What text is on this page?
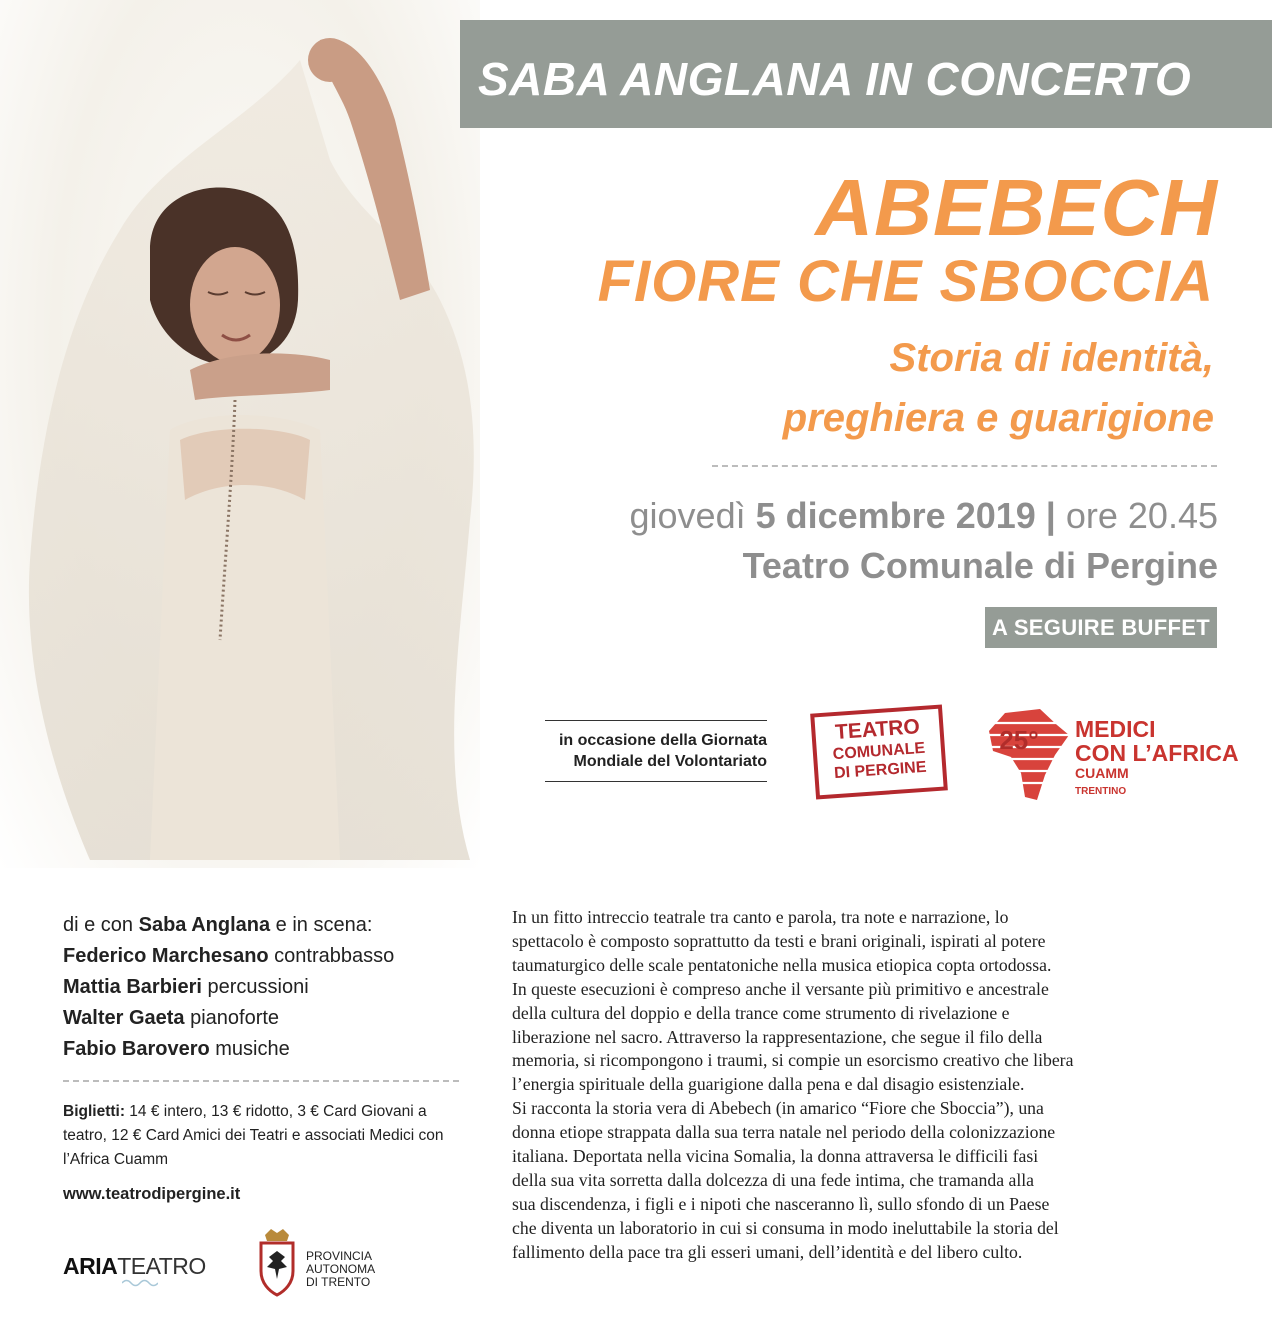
SABA ANGLANA IN CONCERTO
ABEBECH
FIORE CHE SBOCCIA
Storia di identità,
preghiera e guarigione
giovedì 5 dicembre 2019 | ore 20.45
Teatro Comunale di Pergine
A SEGUIRE BUFFET
in occasione della Giornata
Mondiale del Volontariato
TEATRO
COMUNALE
DI PERGINE
25° MEDICI
CON L’AFRICA
CUAMM
TRENTINO
di e con Saba Anglana e in scena:
Federico Marchesano contrabbasso
Mattia Barbieri percussioni
Walter Gaeta pianoforte
Fabio Barovero musiche
Biglietti: 14 € intero, 13 € ridotto, 3 € Card Giovani a teatro, 12 € Card Amici dei Teatri e associati Medici con l’Africa Cuamm
www.teatrodipergine.it
ARIATEATRO	PROVINCIA
AUTONOMA
DI TRENTO
In un fitto intreccio teatrale tra canto e parola, tra note e narrazione, lo
spettacolo è composto soprattutto da testi e brani originali, ispirati al potere
taumaturgico delle scale pentatoniche nella musica etiopica copta ortodossa.
In queste esecuzioni è compreso anche il versante più primitivo e ancestrale
della cultura del doppio e della trance come strumento di rivelazione e
liberazione nel sacro. Attraverso la rappresentazione, che segue il filo della
memoria, si ricompongono i traumi, si compie un esorcismo creativo che libera
l’energia spirituale della guarigione dalla pena e dal disagio esistenziale.
Si racconta la storia vera di Abebech (in amarico “Fiore che Sboccia”), una
donna etiope strappata dalla sua terra natale nel periodo della colonizzazione
italiana. Deportata nella vicina Somalia, la donna attraversa le difficili fasi
della sua vita sorretta dalla dolcezza di una fede intima, che tramanda alla
sua discendenza, i figli e i nipoti che nasceranno lì, sullo sfondo di un Paese
che diventa un laboratorio in cui si consuma in modo ineluttabile la storia del
fallimento della pace tra gli esseri umani, dell’identità e del libero culto.
